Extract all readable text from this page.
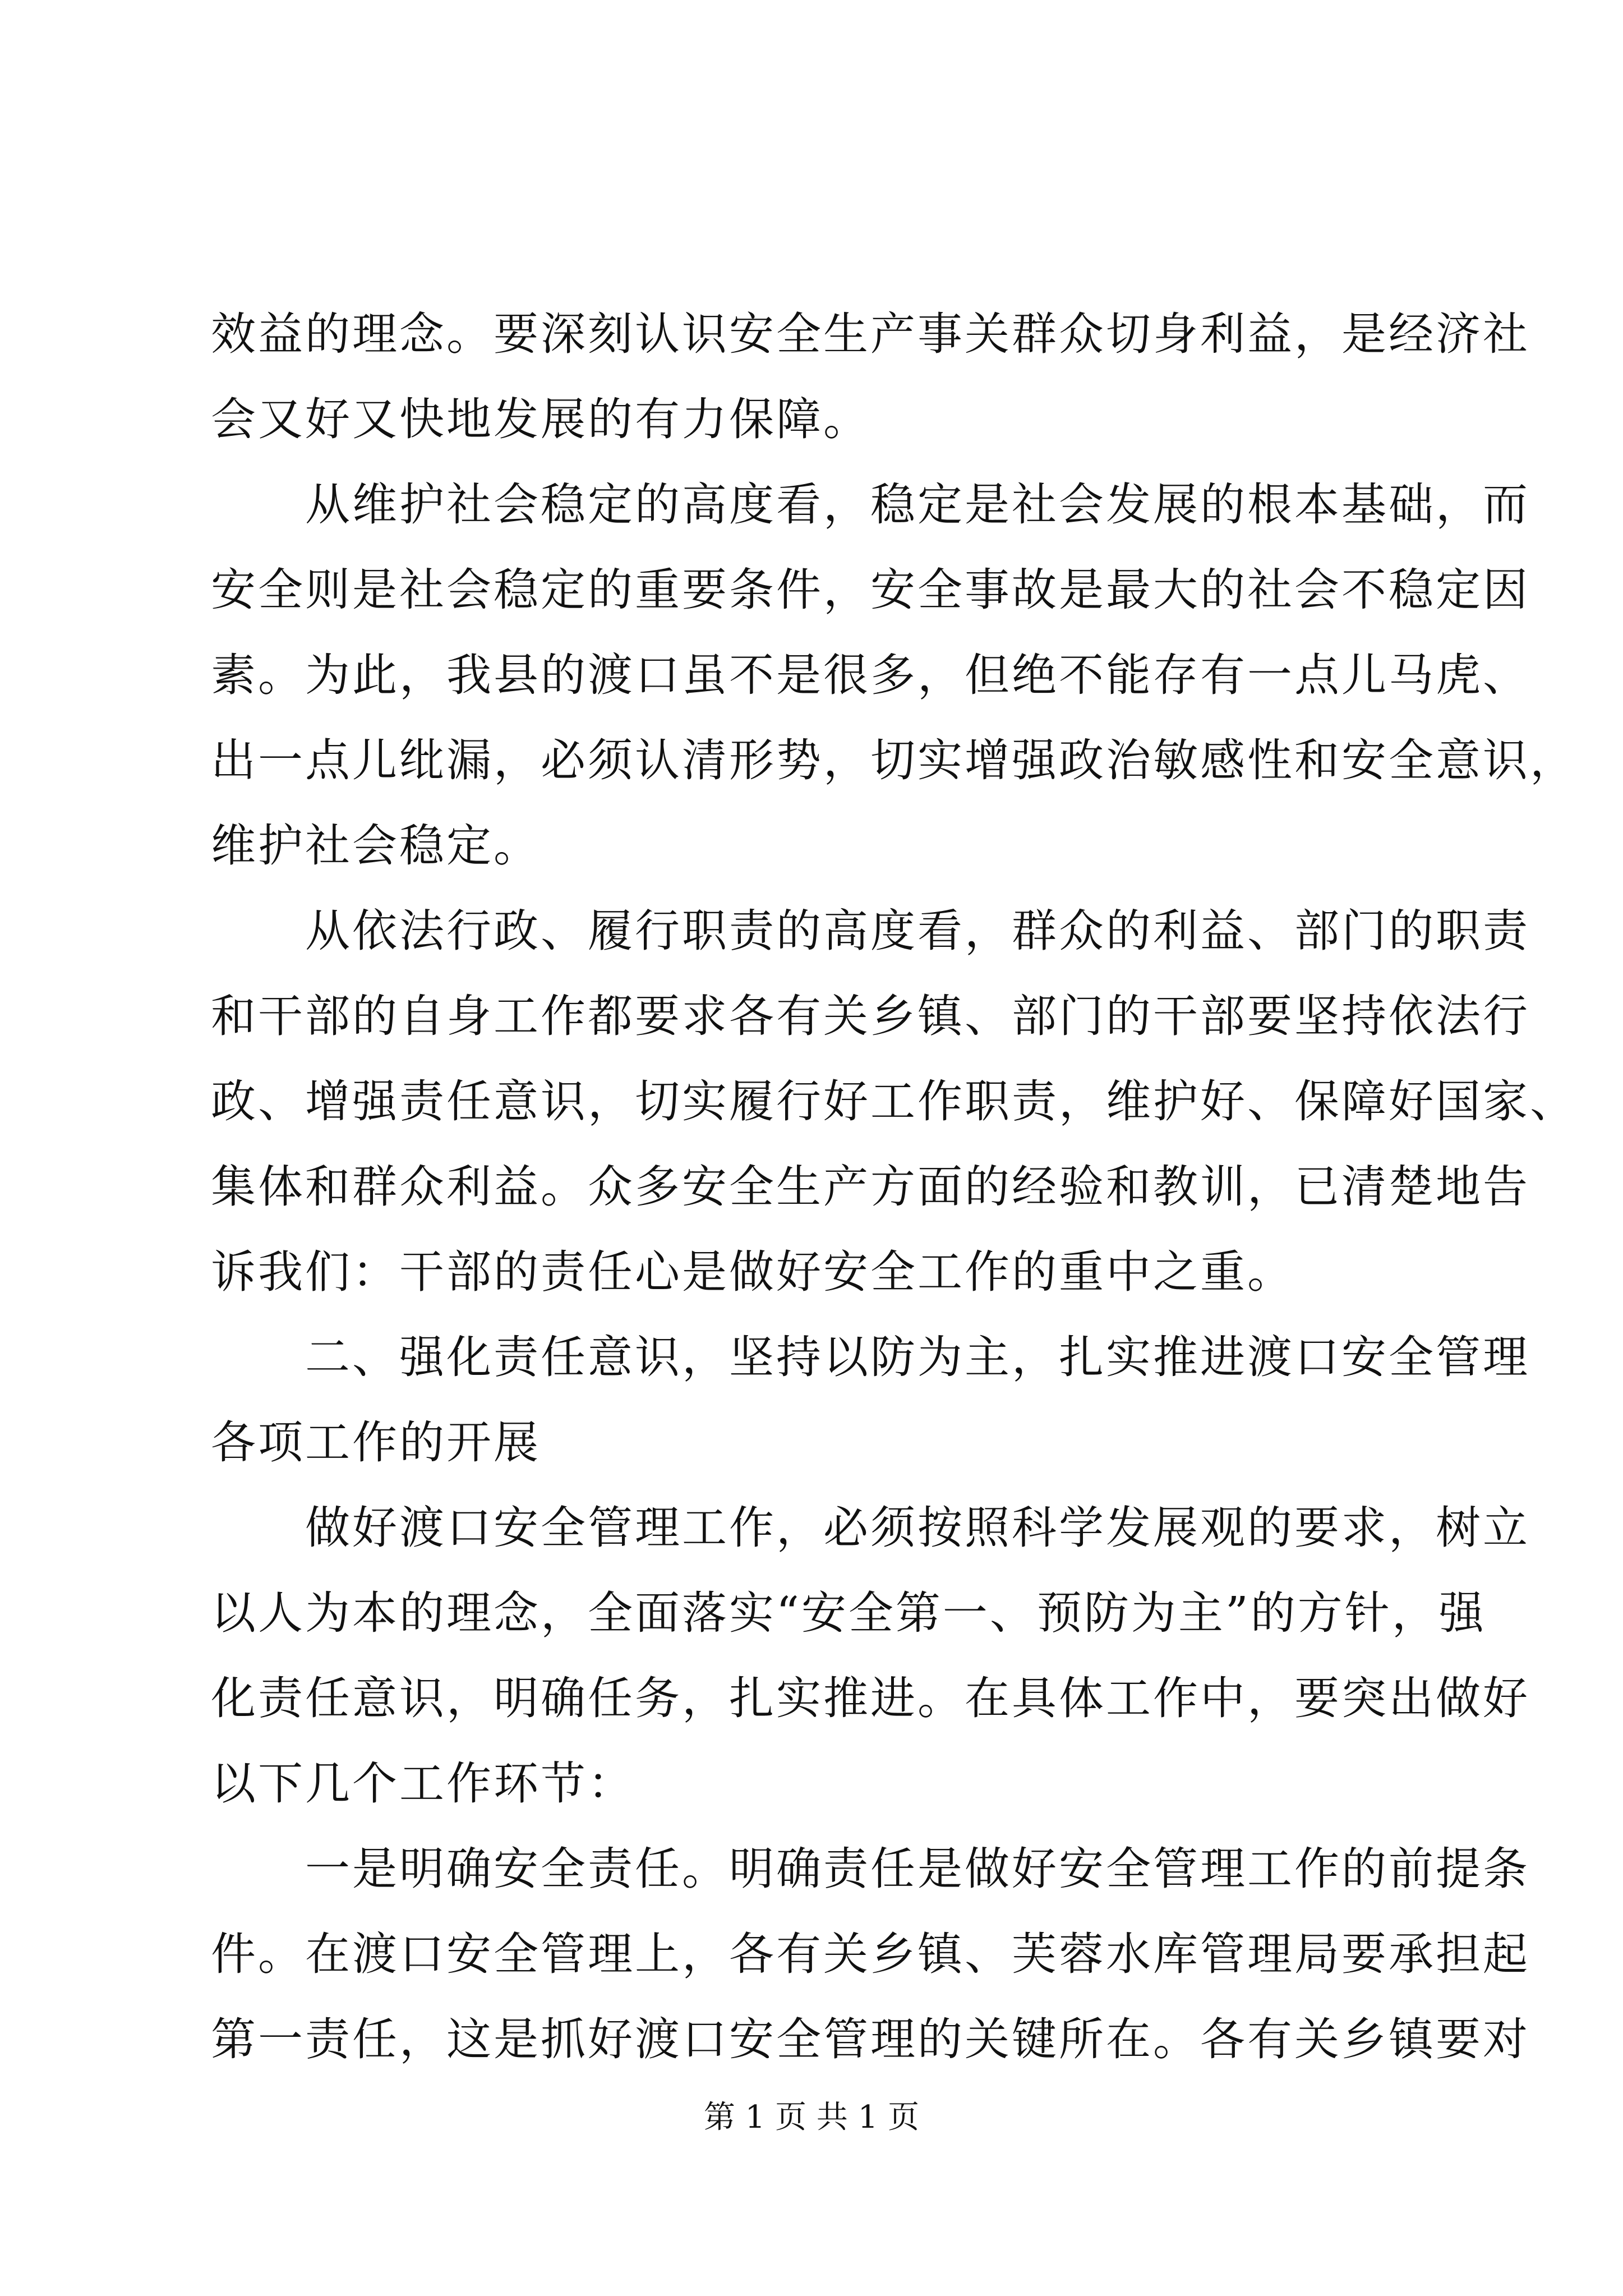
效益的理念。要深刻认识安全生产事关群众切身利益，是经济社
会又好又快地发展的有力保障。
　　从维护社会稳定的高度看，稳定是社会发展的根本基础，而
安全则是社会稳定的重要条件，安全事故是最大的社会不稳定因
素。为此，我县的渡口虽不是很多，但绝不能存有一点儿马虎、
出一点儿纰漏，必须认清形势，切实增强政治敏感性和安全意识，
维护社会稳定。
　　从依法行政、履行职责的高度看，群众的利益、部门的职责
和干部的自身工作都要求各有关乡镇、部门的干部要坚持依法行
政、增强责任意识，切实履行好工作职责，维护好、保障好国家、
集体和群众利益。众多安全生产方面的经验和教训，已清楚地告
诉我们：干部的责任心是做好安全工作的重中之重。
　　二、强化责任意识，坚持以防为主，扎实推进渡口安全管理
各项工作的开展
　　做好渡口安全管理工作，必须按照科学发展观的要求，树立
以人为本的理念，全面落实“安全第一、预防为主”的方针，强
化责任意识，明确任务，扎实推进。在具体工作中，要突出做好
以下几个工作环节：
　　一是明确安全责任。明确责任是做好安全管理工作的前提条
件。在渡口安全管理上，各有关乡镇、芙蓉水库管理局要承担起
第一责任，这是抓好渡口安全管理的关键所在。各有关乡镇要对
第 1 页 共 1 页
